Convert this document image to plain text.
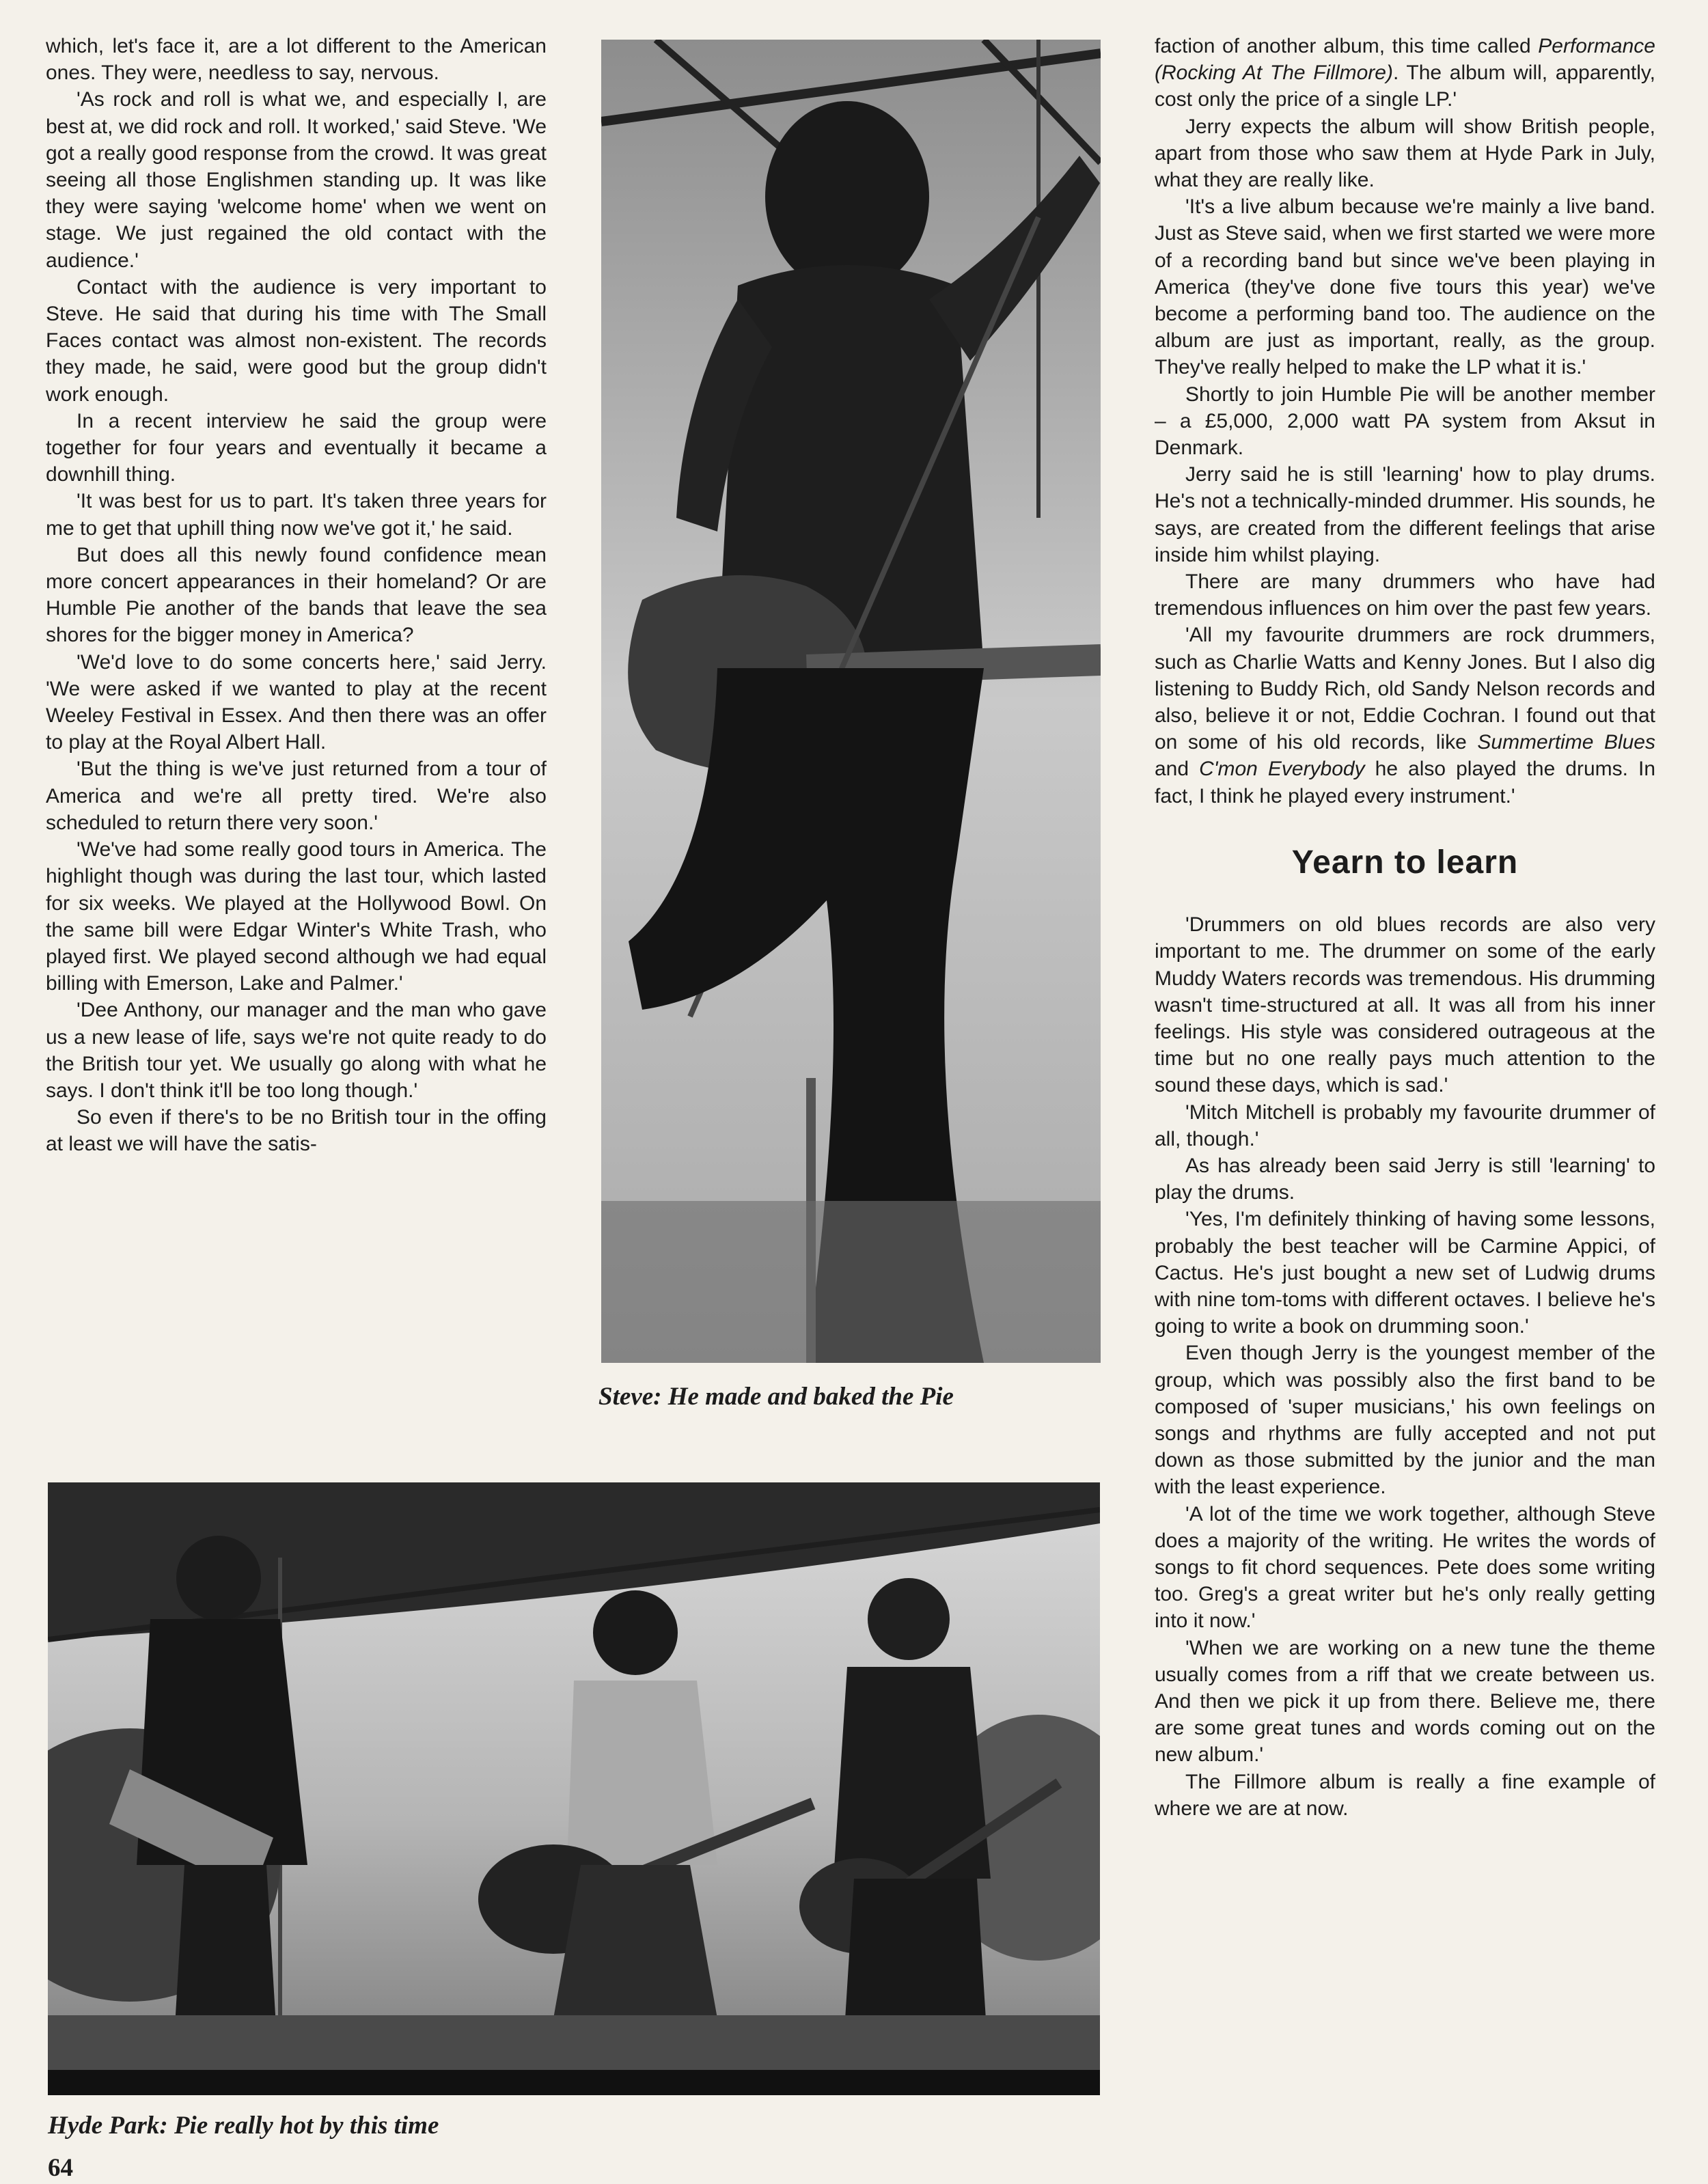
which, let's face it, are a lot different to the American ones. They were, needless to say, nervous.

'As rock and roll is what we, and especially I, are best at, we did rock and roll. It worked,' said Steve. 'We got a really good response from the crowd. It was great seeing all those Englishmen standing up. It was like they were saying 'welcome home' when we went on stage. We just regained the old contact with the audience.'

Contact with the audience is very important to Steve. He said that during his time with The Small Faces contact was almost non-existent. The records they made, he said, were good but the group didn't work enough.

In a recent interview he said the group were together for four years and eventually it became a downhill thing.

'It was best for us to part. It's taken three years for me to get that uphill thing now we've got it,' he said.

But does all this newly found confidence mean more concert appearances in their homeland? Or are Humble Pie another of the bands that leave the sea shores for the bigger money in America?

'We'd love to do some concerts here,' said Jerry. 'We were asked if we wanted to play at the recent Weeley Festival in Essex. And then there was an offer to play at the Royal Albert Hall.

'But the thing is we've just returned from a tour of America and we're all pretty tired. We're also scheduled to return there very soon.'

'We've had some really good tours in America. The highlight though was during the last tour, which lasted for six weeks. We played at the Hollywood Bowl. On the same bill were Edgar Winter's White Trash, who played first. We played second although we had equal billing with Emerson, Lake and Palmer.'

'Dee Anthony, our manager and the man who gave us a new lease of life, says we're not quite ready to do the British tour yet. We usually go along with what he says. I don't think it'll be too long though.'

So even if there's to be no British tour in the offing at least we will have the satis-

Steve: He made and baked the Pie

faction of another album, this time called Performance (Rocking At The Fillmore). The album will, apparently, cost only the price of a single LP.'

Jerry expects the album will show British people, apart from those who saw them at Hyde Park in July, what they are really like.

'It's a live album because we're mainly a live band. Just as Steve said, when we first started we were more of a recording band but since we've been playing in America (they've done five tours this year) we've become a performing band too. The audience on the album are just as important, really, as the group. They've really helped to make the LP what it is.'

Shortly to join Humble Pie will be another member – a £5,000, 2,000 watt PA system from Aksut in Denmark.

Jerry said he is still 'learning' how to play drums. He's not a technically-minded drummer. His sounds, he says, are created from the different feelings that arise inside him whilst playing.

There are many drummers who have had tremendous influences on him over the past few years.

'All my favourite drummers are rock drummers, such as Charlie Watts and Kenny Jones. But I also dig listening to Buddy Rich, old Sandy Nelson records and also, believe it or not, Eddie Cochran. I found out that on some of his old records, like Summertime Blues and C'mon Everybody he also played the drums. In fact, I think he played every instrument.'

Yearn to learn

'Drummers on old blues records are also very important to me. The drummer on some of the early Muddy Waters records was tremendous. His drumming wasn't time-structured at all. It was all from his inner feelings. His style was considered outrageous at the time but no one really pays much attention to the sound these days, which is sad.'

'Mitch Mitchell is probably my favourite drummer of all, though.'

As has already been said Jerry is still 'learning' to play the drums.

'Yes, I'm definitely thinking of having some lessons, probably the best teacher will be Carmine Appici, of Cactus. He's just bought a new set of Ludwig drums with nine tom-toms with different octaves. I believe he's going to write a book on drumming soon.'

Even though Jerry is the youngest member of the group, which was possibly also the first band to be composed of 'super musicians,' his own feelings on songs and rhythms are fully accepted and not put down as those submitted by the junior and the man with the least experience.

'A lot of the time we work together, although Steve does a majority of the writing. He writes the words of songs to fit chord sequences. Pete does some writing too. Greg's a great writer but he's only really getting into it now.'

'When we are working on a new tune the theme usually comes from a riff that we create between us. And then we pick it up from there. Believe me, there are some great tunes and words coming out on the new album.'

The Fillmore album is really a fine example of where we are at now.

Hyde Park: Pie really hot by this time
64
